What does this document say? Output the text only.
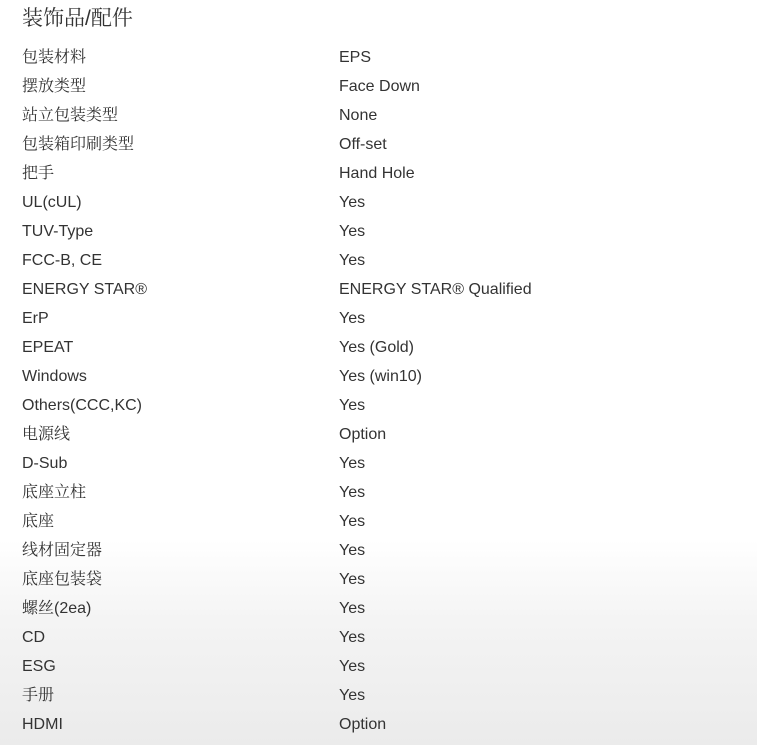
装饰品/配件
包装材料	EPS
摆放类型	Face Down
站立包装类型	None
包装箱印刷类型	Off-set
把手	Hand Hole
UL(cUL)	Yes
TUV-Type	Yes
FCC-B, CE	Yes
ENERGY STAR®	ENERGY STAR® Qualified
ErP	Yes
EPEAT	Yes (Gold)
Windows	Yes (win10)
Others(CCC,KC)	Yes
电源线	Option
D-Sub	Yes
底座立柱	Yes
底座	Yes
线材固定器	Yes
底座包装袋	Yes
螺丝(2ea)	Yes
CD	Yes
ESG	Yes
手册	Yes
HDMI	Option
